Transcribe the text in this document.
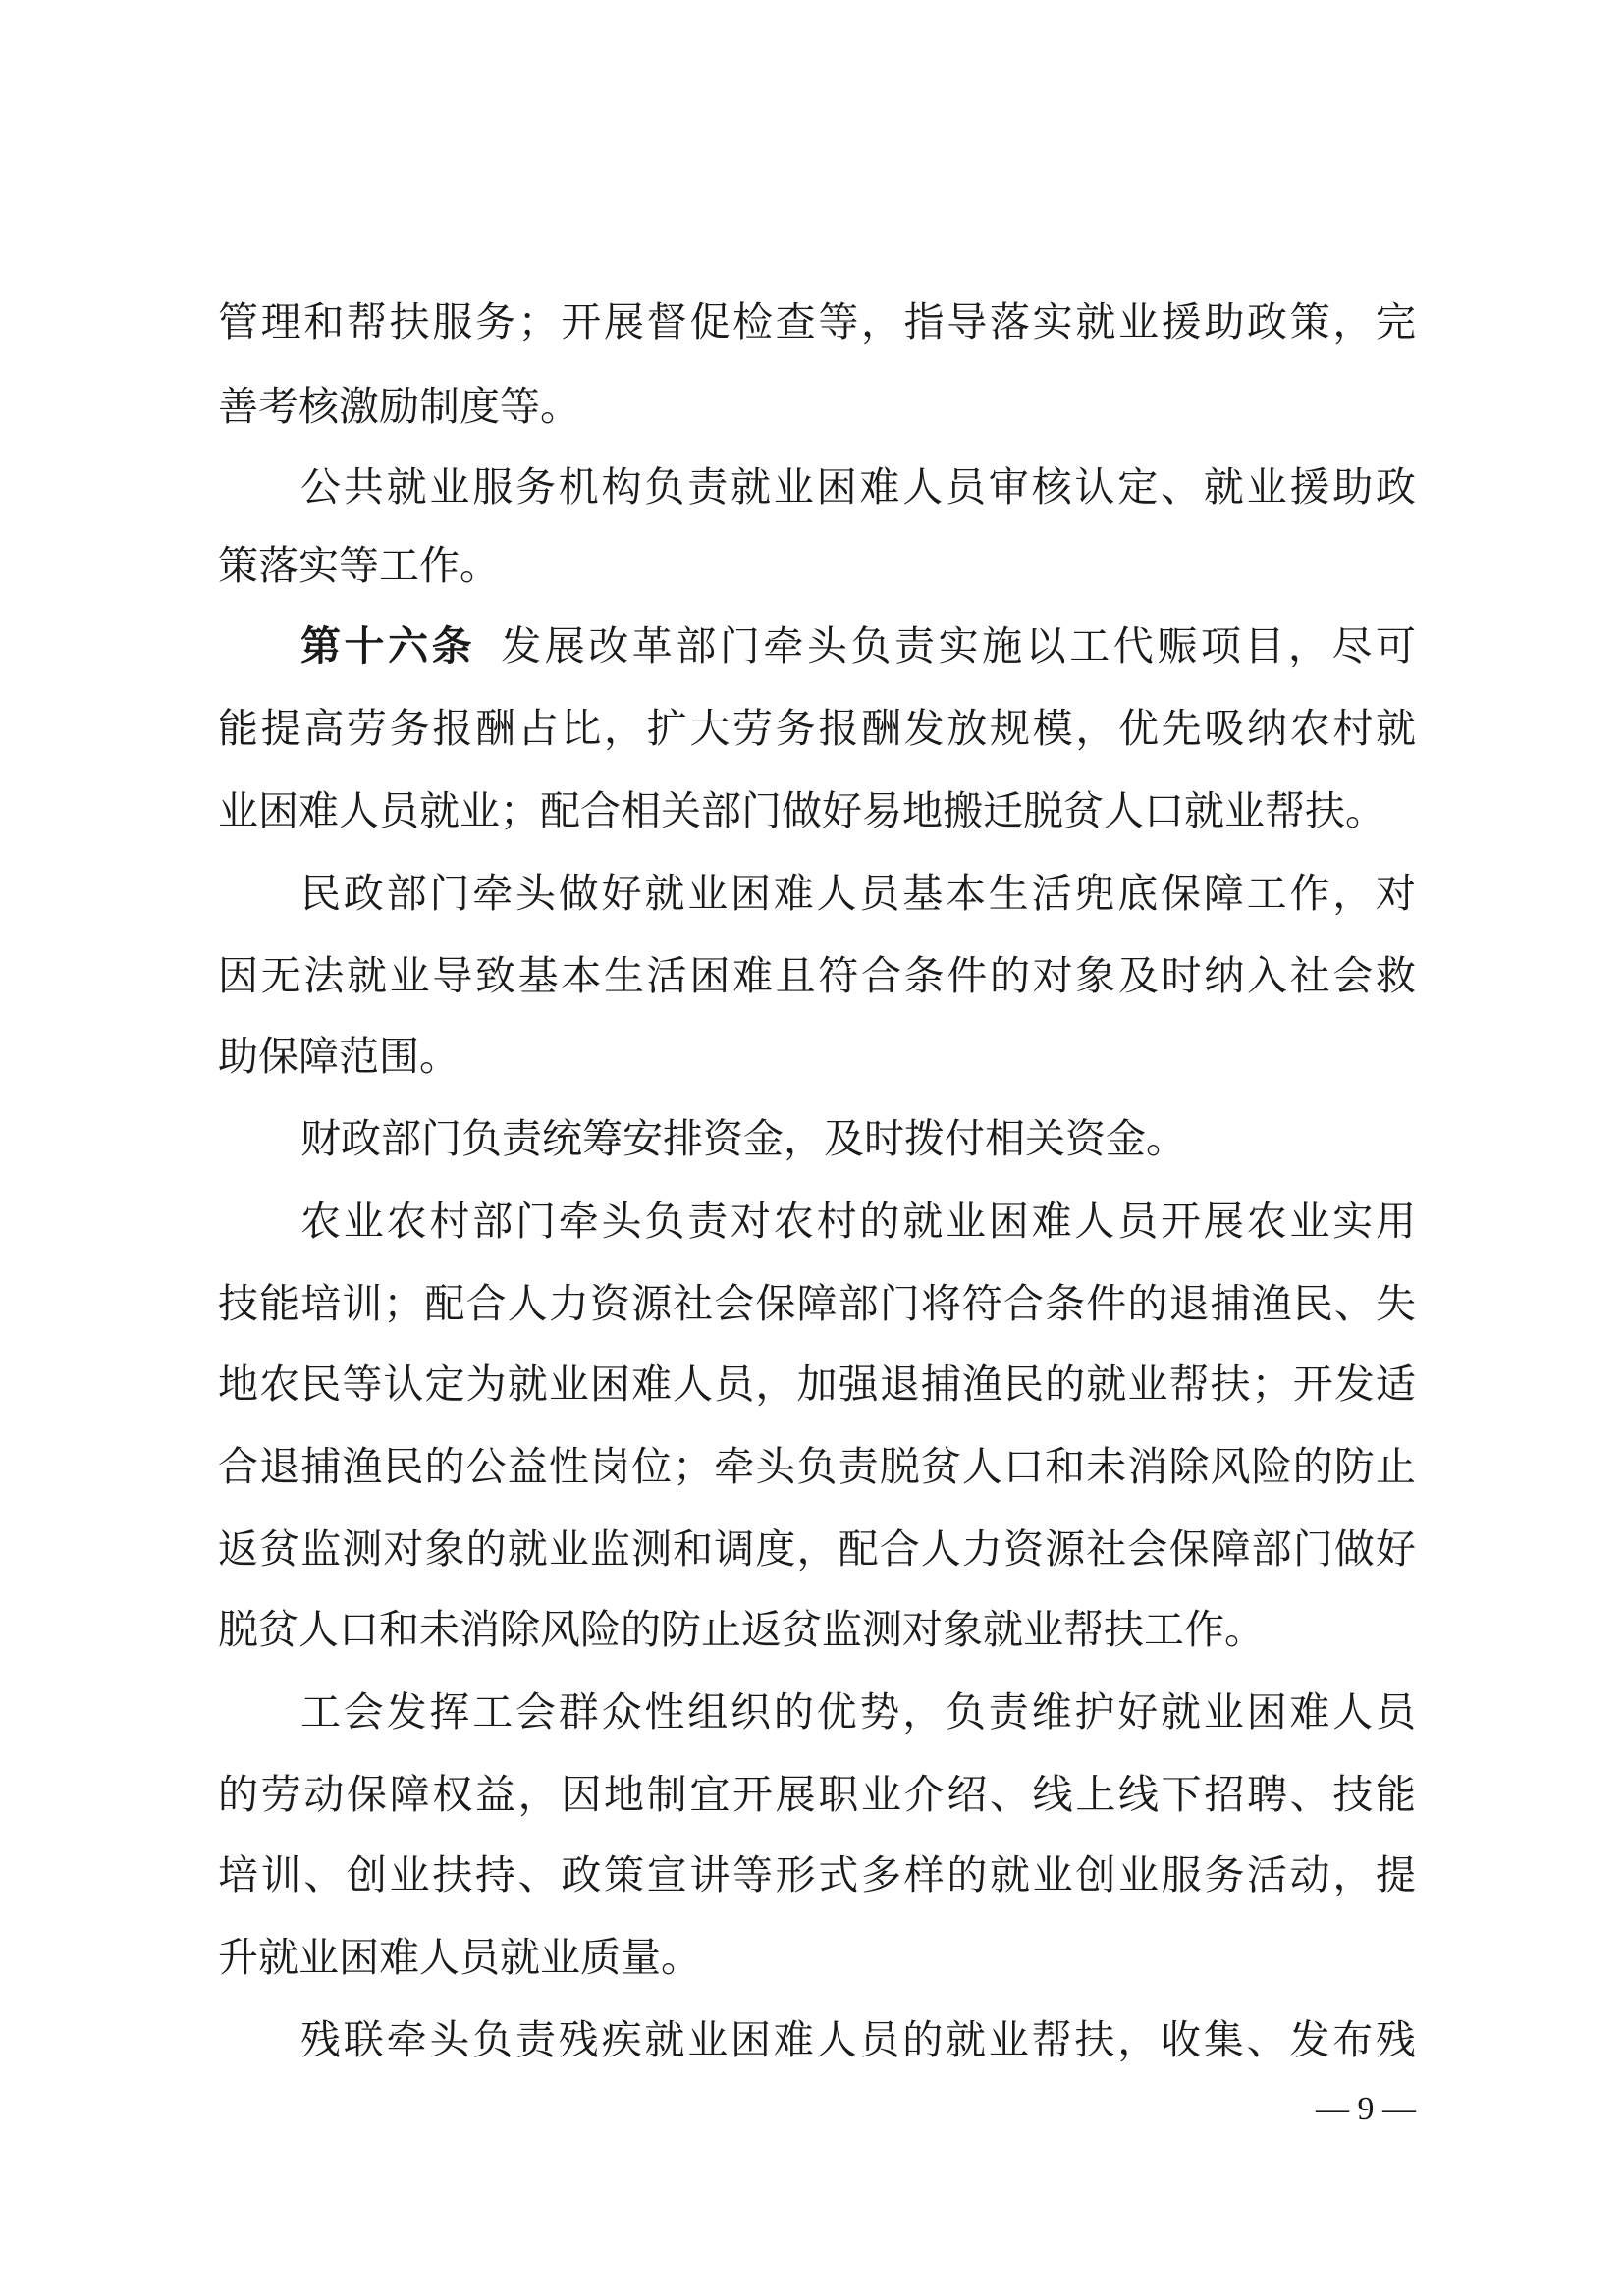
管理和帮扶服务；开展督促检查等，指导落实就业援助政策，完
善考核激励制度等。
公共就业服务机构负责就业困难人员审核认定、就业援助政
策落实等工作。
第十六条 发展改革部门牵头负责实施以工代赈项目，尽可
能提高劳务报酬占比，扩大劳务报酬发放规模，优先吸纳农村就
业困难人员就业；配合相关部门做好易地搬迁脱贫人口就业帮扶。
民政部门牵头做好就业困难人员基本生活兜底保障工作，对
因无法就业导致基本生活困难且符合条件的对象及时纳入社会救
助保障范围。
财政部门负责统筹安排资金，及时拨付相关资金。
农业农村部门牵头负责对农村的就业困难人员开展农业实用
技能培训；配合人力资源社会保障部门将符合条件的退捕渔民、失
地农民等认定为就业困难人员，加强退捕渔民的就业帮扶；开发适
合退捕渔民的公益性岗位；牵头负责脱贫人口和未消除风险的防止
返贫监测对象的就业监测和调度，配合人力资源社会保障部门做好
脱贫人口和未消除风险的防止返贫监测对象就业帮扶工作。
工会发挥工会群众性组织的优势，负责维护好就业困难人员
的劳动保障权益，因地制宜开展职业介绍、线上线下招聘、技能
培训、创业扶持、政策宣讲等形式多样的就业创业服务活动，提
升就业困难人员就业质量。
残联牵头负责残疾就业困难人员的就业帮扶，收集、发布残
— 9 —
